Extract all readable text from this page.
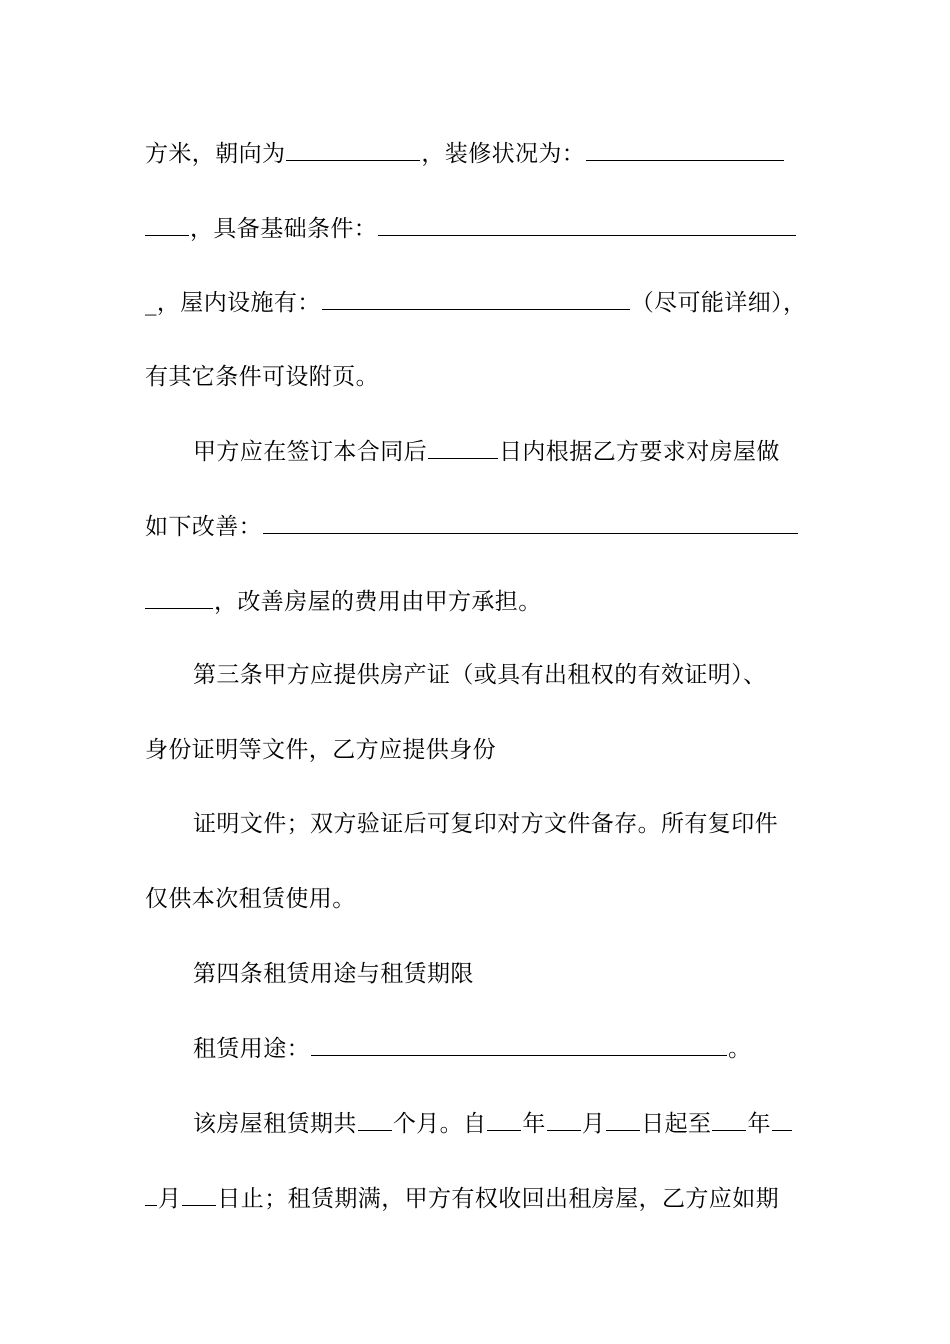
方米，朝向为	，装修状况为：
，具备基础条件：
_，屋内设施有：	（尽可能详细），
有其它条件可设附页。
甲方应在签订本合同后	日内根据乙方要求对房屋做
如下改善：
，改善房屋的费用由甲方承担。
第三条甲方应提供房产证（或具有出租权的有效证明）、
身份证明等文件，乙方应提供身份
证明文件；双方验证后可复印对方文件备存。所有复印件
仅供本次租赁使用。
第四条租赁用途与租赁期限
租赁用途：	。
该房屋租赁期共 个月。自 年 月 日起至 年
月 日止；租赁期满，甲方有权收回出租房屋，乙方应如期
